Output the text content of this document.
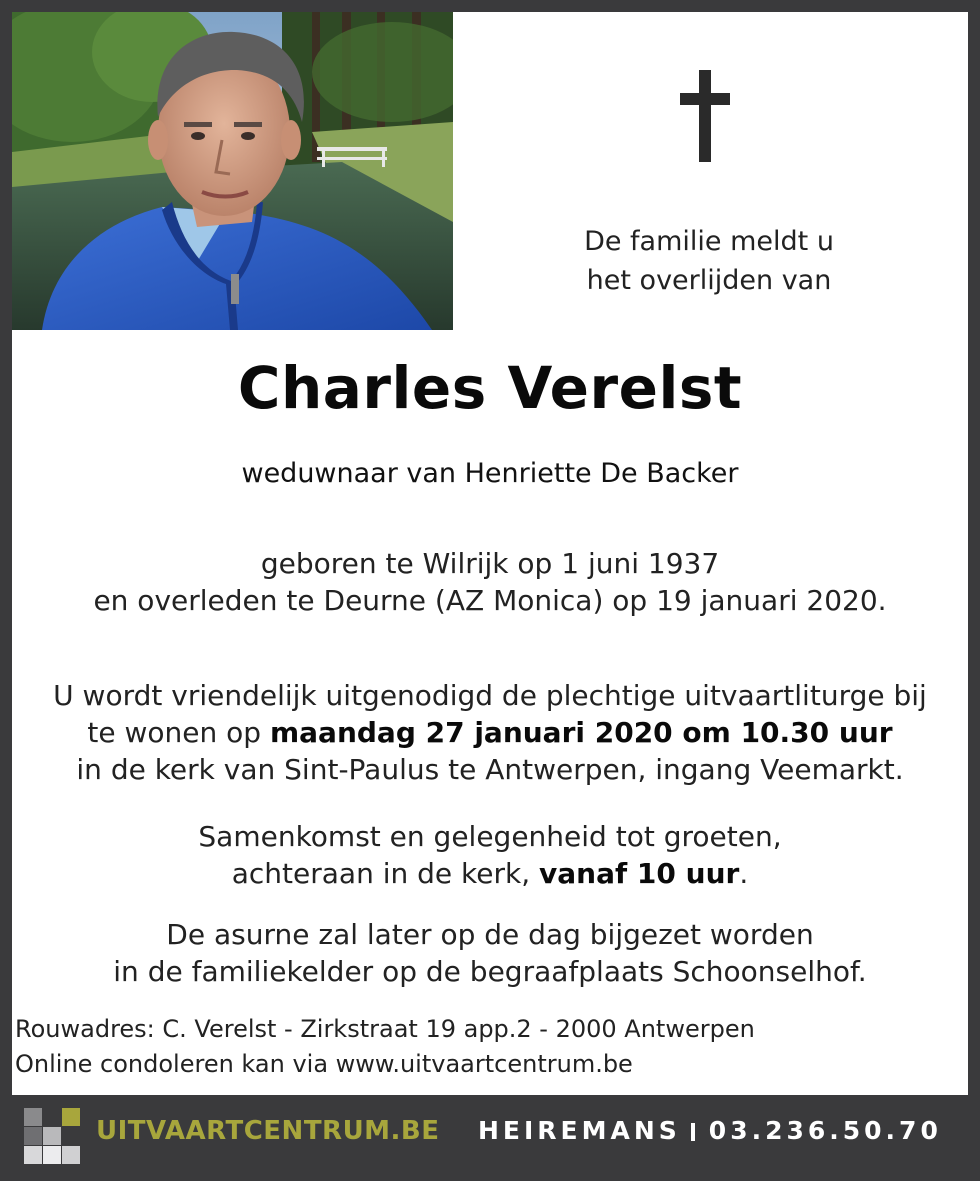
De familie meldt u
het overlijden van
Charles Verelst
weduwnaar van Henriette De Backer
geboren te Wilrijk op 1 juni 1937
en overleden te Deurne (AZ Monica) op 19 januari 2020.
U wordt vriendelijk uitgenodigd de plechtige uitvaartliturge bij
te wonen op maandag 27 januari 2020 om 10.30 uur
in de kerk van Sint-Paulus te Antwerpen, ingang Veemarkt.
Samenkomst en gelegenheid tot groeten,
achteraan in de kerk, vanaf 10 uur.
De asurne zal later op de dag bijgezet worden
in de familiekelder op de begraafplaats Schoonselhof.
Rouwadres: C. Verelst - Zirkstraat 19 app.2 - 2000 Antwerpen
Online condoleren kan via www.uitvaartcentrum.be
UITVAARTCENTRUM.BE HEIREMANS 03.236.50.70
